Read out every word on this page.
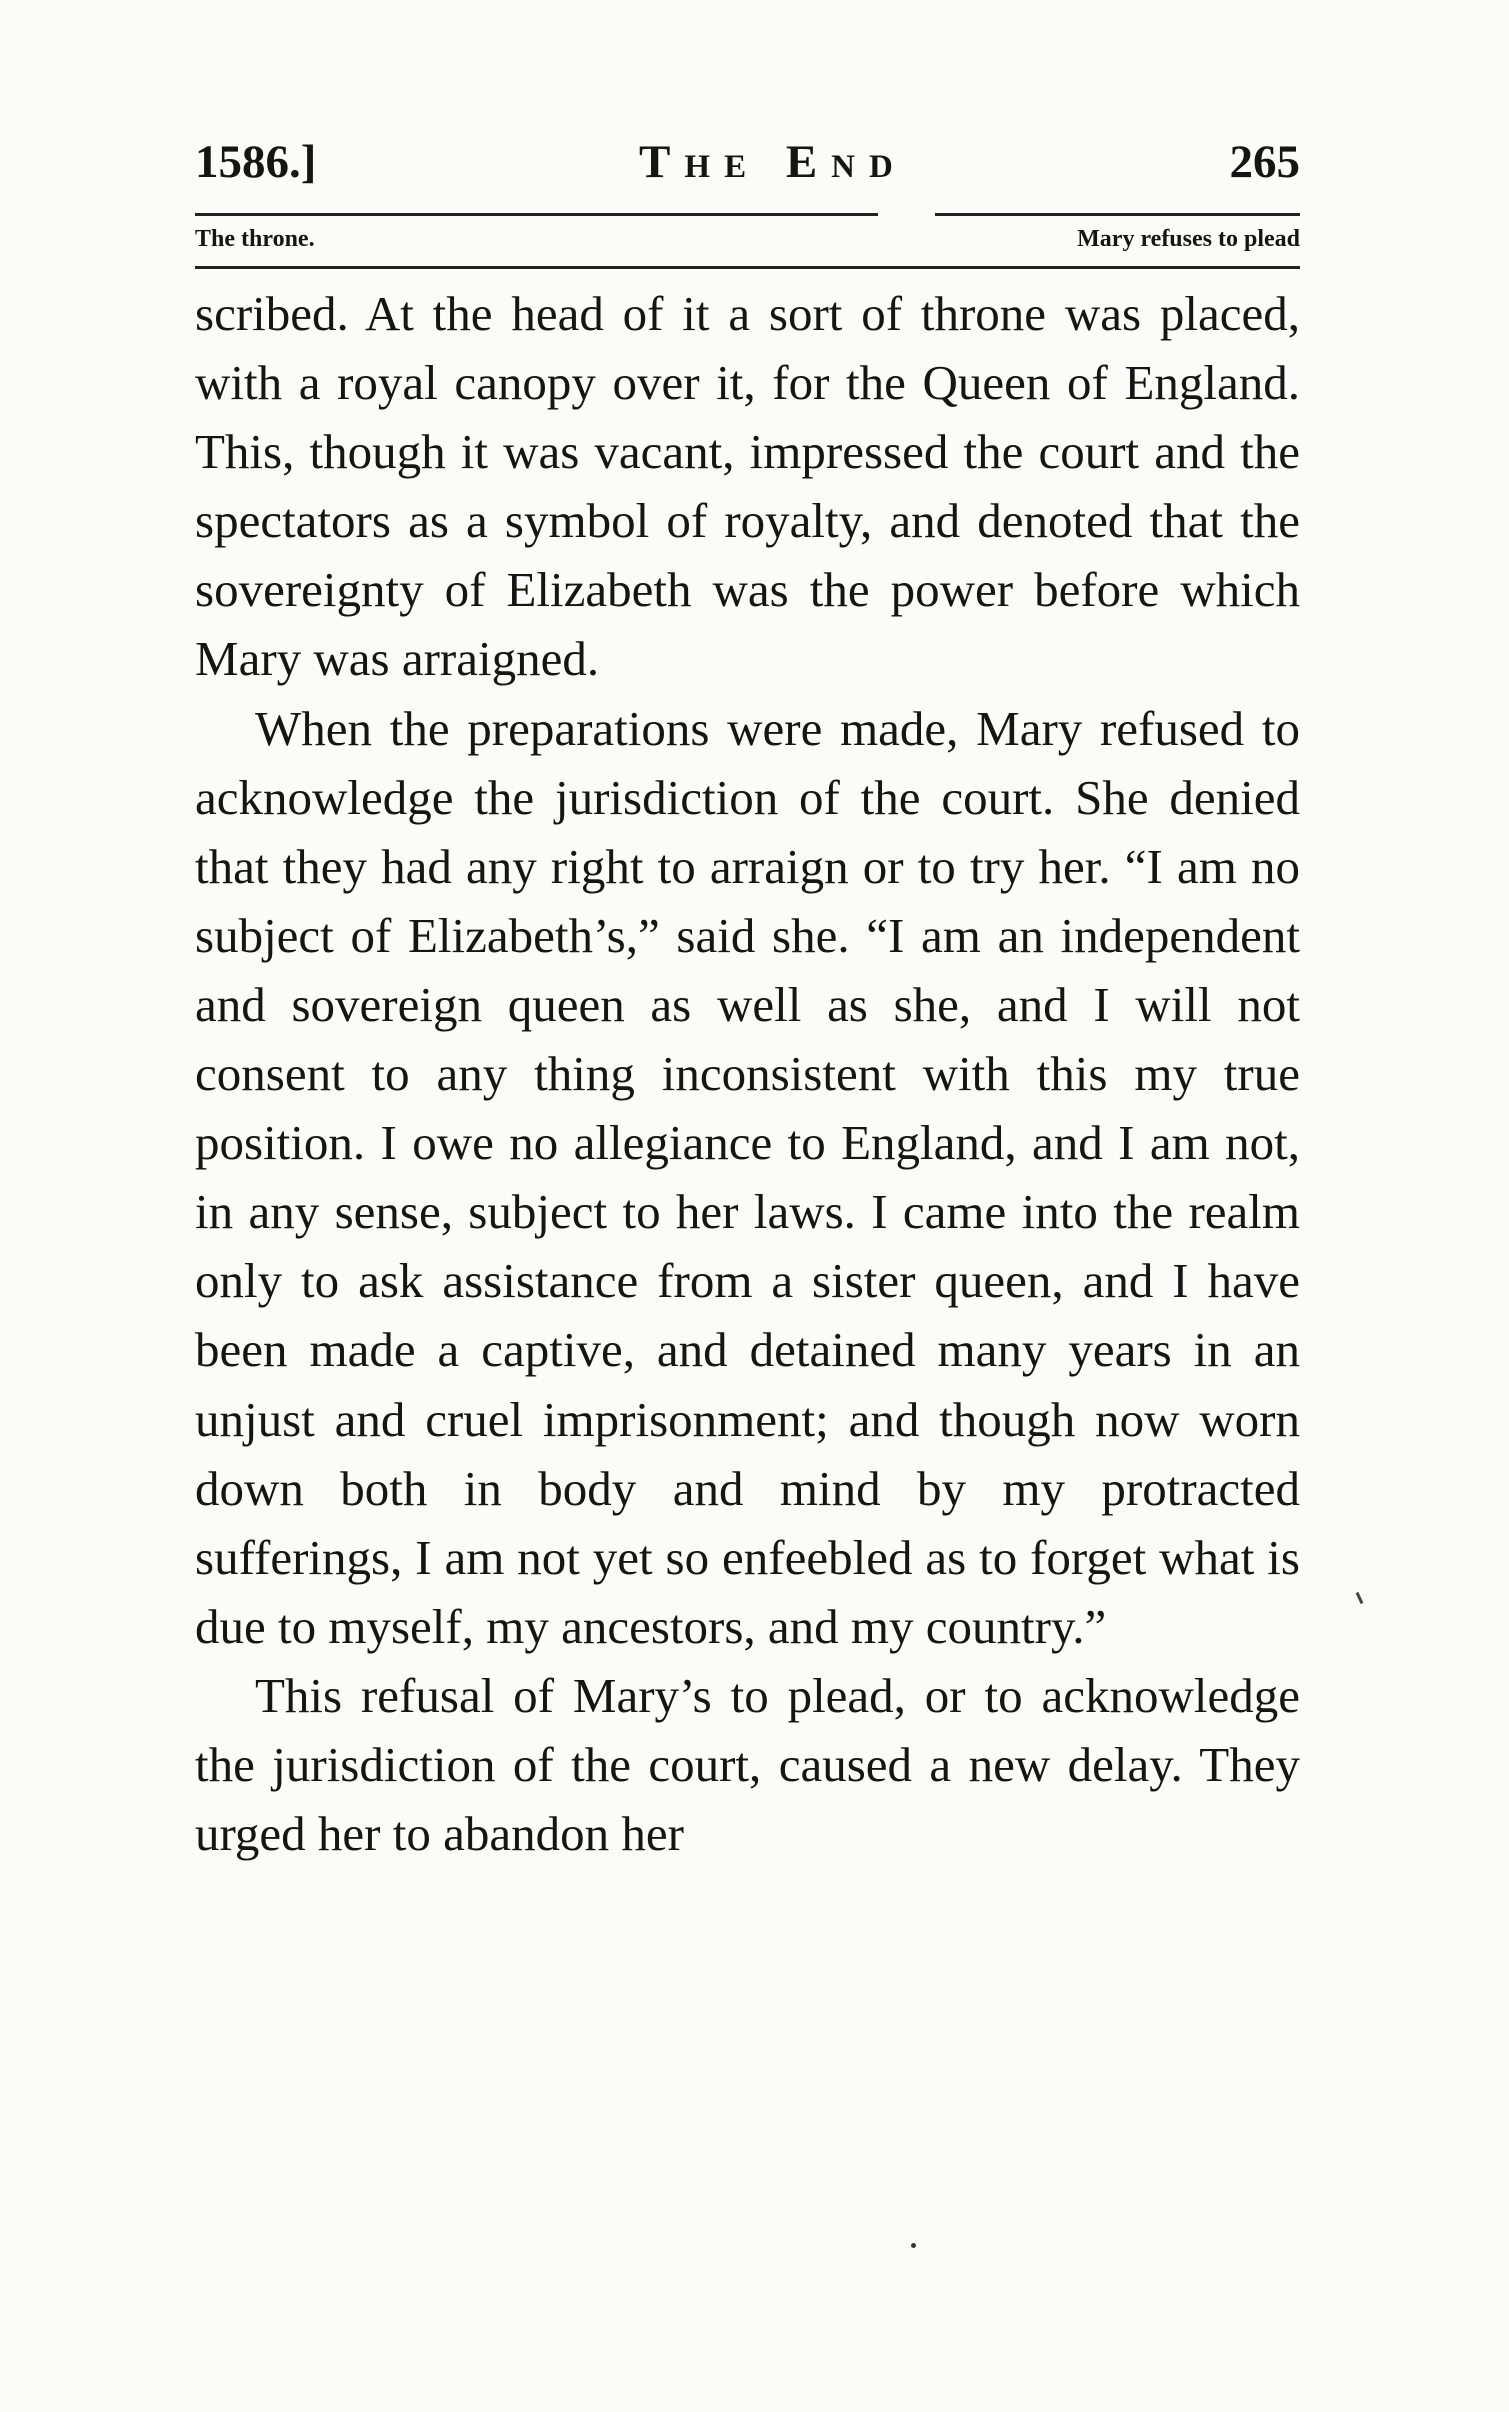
1586.]	The End	265
The throne.	Mary refuses to plead

scribed. At the head of it a sort of throne was placed, with a royal canopy over it, for the Queen of England. This, though it was vacant, impressed the court and the spectators as a symbol of royalty, and denoted that the sovereignty of Elizabeth was the power before which Mary was arraigned.

When the preparations were made, Mary refused to acknowledge the jurisdiction of the court. She denied that they had any right to arraign or to try her. “I am no subject of Elizabeth’s,” said she. “I am an independent and sovereign queen as well as she, and I will not consent to any thing inconsistent with this my true position. I owe no allegiance to England, and I am not, in any sense, subject to her laws. I came into the realm only to ask assistance from a sister queen, and I have been made a captive, and detained many years in an unjust and cruel imprisonment; and though now worn down both in body and mind by my protracted sufferings, I am not yet so enfeebled as to forget what is due to myself, my ancestors, and my country.”

This refusal of Mary’s to plead, or to acknowledge the jurisdiction of the court, caused a new delay. They urged her to abandon her
